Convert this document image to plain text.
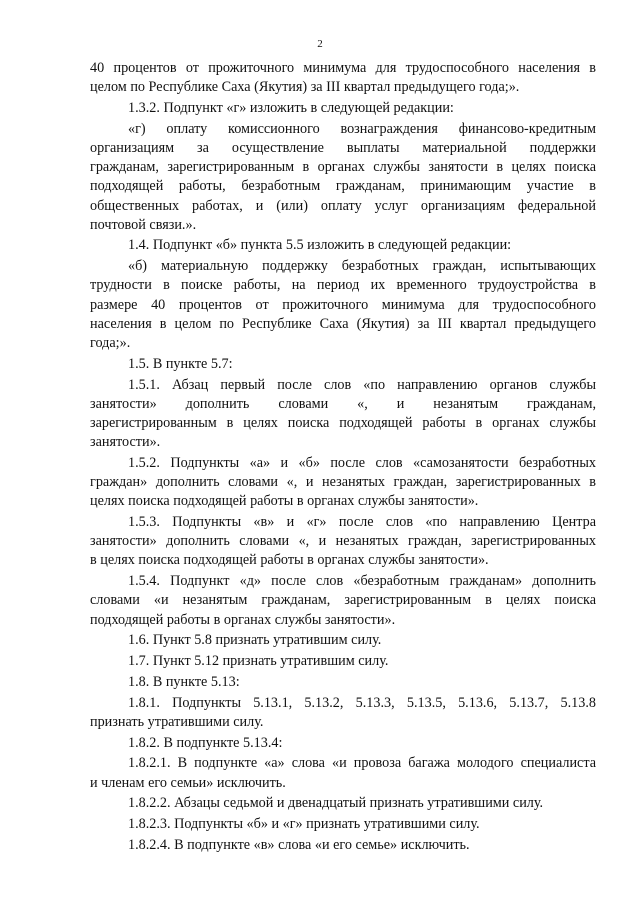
2
40 процентов от прожиточного минимума для трудоспособного населения в
целом по Республике Саха (Якутия) за III квартал предыдущего года;».
1.3.2. Подпункт «г» изложить в следующей редакции:
«г) оплату комиссионного вознаграждения финансово-кредитным
организациям за осуществление выплаты материальной поддержки
гражданам, зарегистрированным в органах службы занятости в целях поиска
подходящей работы, безработным гражданам, принимающим участие в
общественных работах, и (или) оплату услуг организациям федеральной
почтовой связи.».
1.4. Подпункт «б» пункта 5.5 изложить в следующей редакции:
«б) материальную поддержку безработных граждан, испытывающих
трудности в поиске работы, на период их временного трудоустройства в
размере 40 процентов от прожиточного минимума для трудоспособного
населения в целом по Республике Саха (Якутия) за III квартал предыдущего
года;».
1.5. В пункте 5.7:
1.5.1. Абзац первый после слов «по направлению органов службы
занятости» дополнить словами «, и незанятым гражданам,
зарегистрированным в целях поиска подходящей работы в органах службы
занятости».
1.5.2. Подпункты «а» и «б» после слов «самозанятости безработных
граждан» дополнить словами «, и незанятых граждан, зарегистрированных в
целях поиска подходящей работы в органах службы занятости».
1.5.3. Подпункты «в» и «г» после слов «по направлению Центра
занятости» дополнить словами «, и незанятых граждан, зарегистрированных
в целях поиска подходящей работы в органах службы занятости».
1.5.4. Подпункт «д» после слов «безработным гражданам» дополнить
словами «и незанятым гражданам, зарегистрированным в целях поиска
подходящей работы в органах службы занятости».
1.6. Пункт 5.8 признать утратившим силу.
1.7. Пункт 5.12 признать утратившим силу.
1.8. В пункте 5.13:
1.8.1. Подпункты 5.13.1, 5.13.2, 5.13.3, 5.13.5, 5.13.6, 5.13.7, 5.13.8
признать утратившими силу.
1.8.2. В подпункте 5.13.4:
1.8.2.1. В подпункте «а» слова «и провоза багажа молодого специалиста
и членам его семьи» исключить.
1.8.2.2. Абзацы седьмой и двенадцатый признать утратившими силу.
1.8.2.3. Подпункты «б» и «г» признать утратившими силу.
1.8.2.4. В подпункте «в» слова «и его семье» исключить.
